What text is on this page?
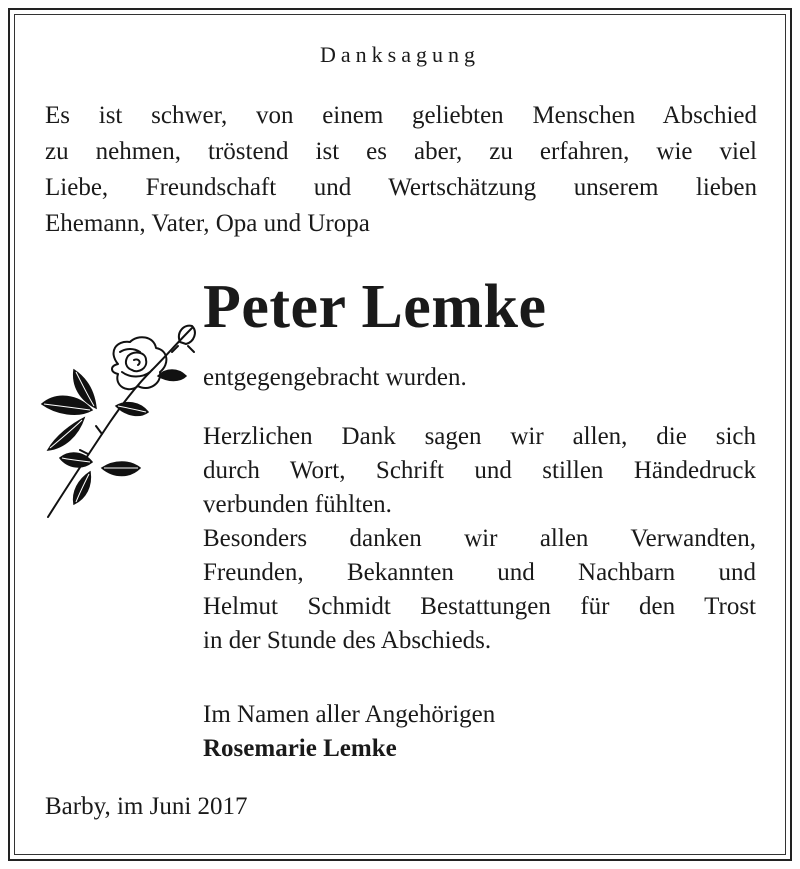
Danksagung
Es ist schwer, von einem geliebten Menschen Abschied
zu nehmen, tröstend ist es aber, zu erfahren, wie viel
Liebe, Freundschaft und Wertschätzung unserem lieben
Ehemann, Vater, Opa und Uropa
Peter Lemke
entgegengebracht wurden.
Herzlichen Dank sagen wir allen, die sich
durch Wort, Schrift und stillen Händedruck
verbunden fühlten.
Besonders danken wir allen Verwandten,
Freunden, Bekannten und Nachbarn und
Helmut Schmidt Bestattungen für den Trost
in der Stunde des Abschieds.
Im Namen aller Angehörigen
Rosemarie Lemke
Barby, im Juni 2017
